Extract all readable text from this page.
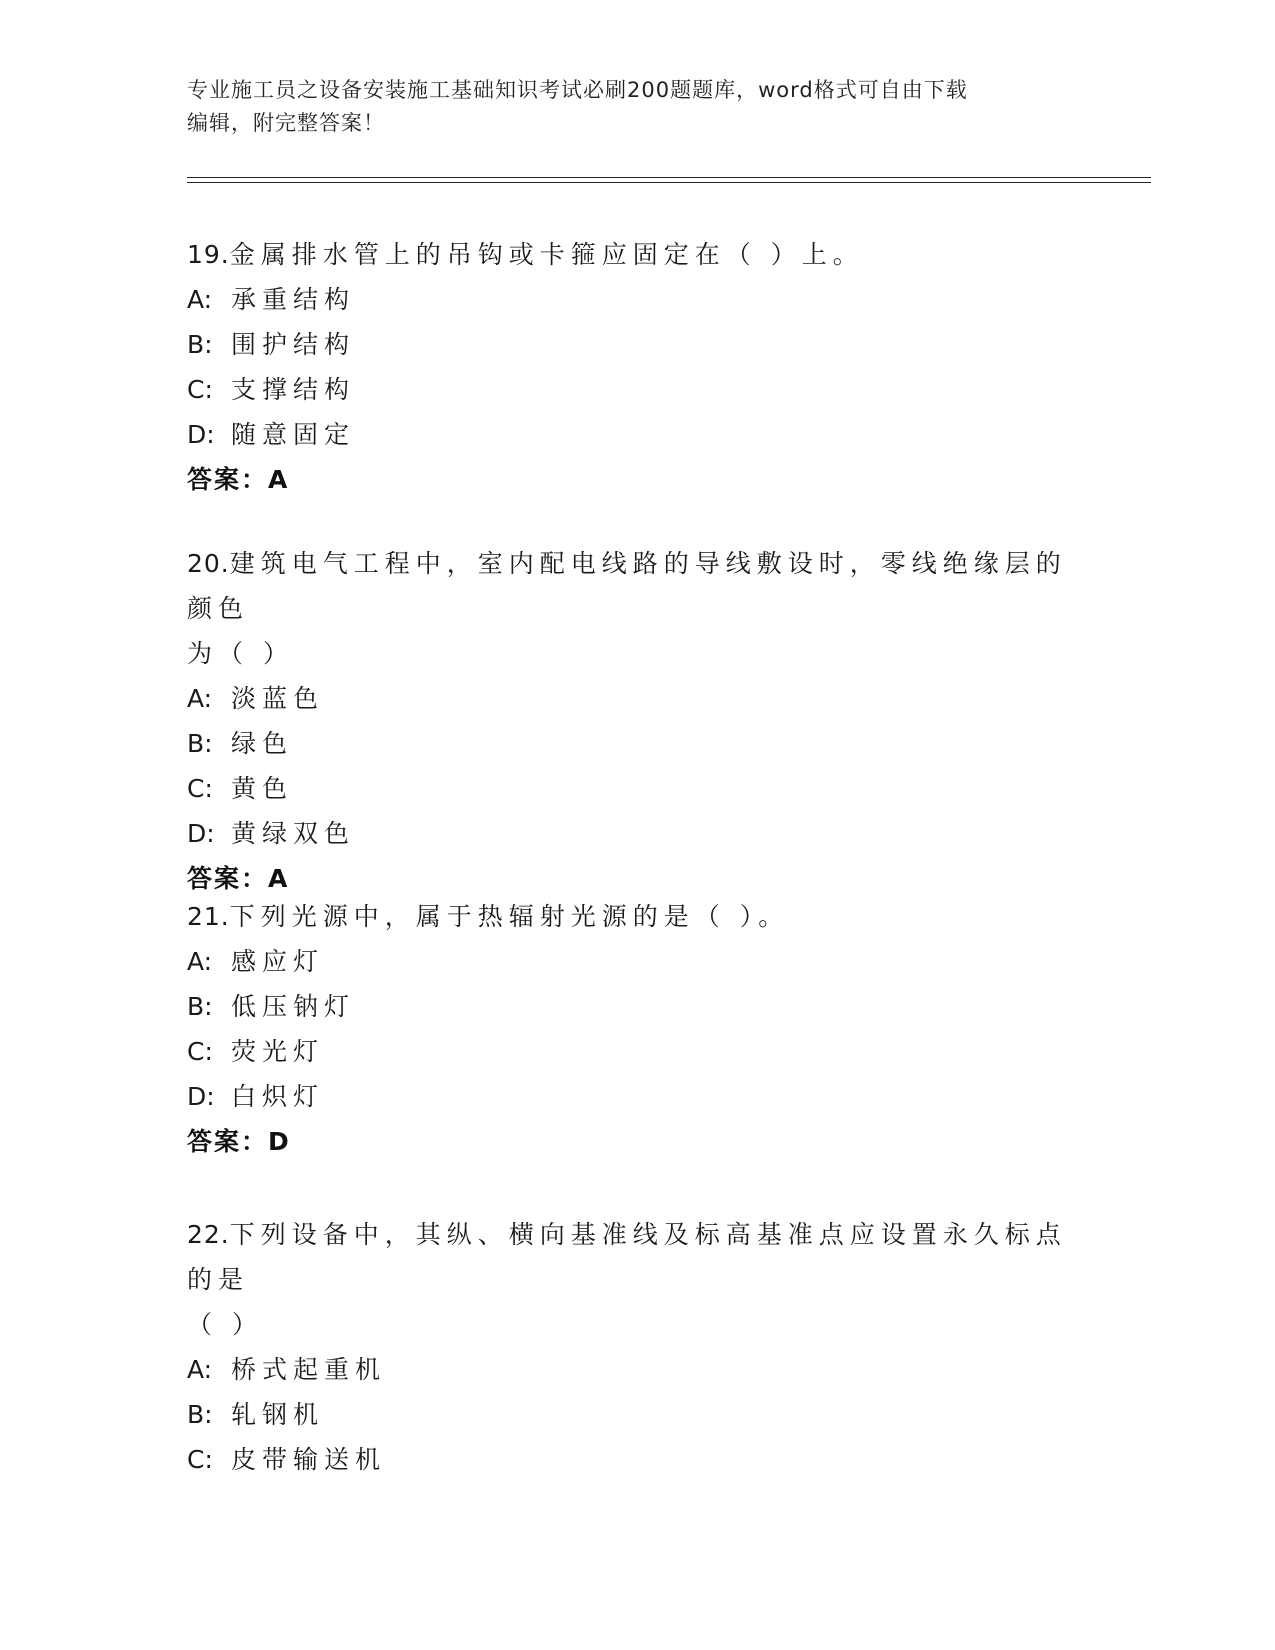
专业施工员之设备安装施工基础知识考试必刷200题题库，word格式可自由下载
编辑，附完整答案！
19.金属排水管上的吊钩或卡箍应固定在（ ）上。
A: 承重结构
B: 围护结构
C: 支撑结构
D: 随意固定
答案：A
20.建筑电气工程中，室内配电线路的导线敷设时，零线绝缘层的颜色
为（ ）
A: 淡蓝色
B: 绿色
C: 黄色
D: 黄绿双色
答案：A
21.下列光源中，属于热辐射光源的是（ ）。
A: 感应灯
B: 低压钠灯
C: 荧光灯
D: 白炽灯
答案：D
22.下列设备中，其纵、横向基准线及标高基准点应设置永久标点的是
（ ）
A: 桥式起重机
B: 轧钢机
C: 皮带输送机
